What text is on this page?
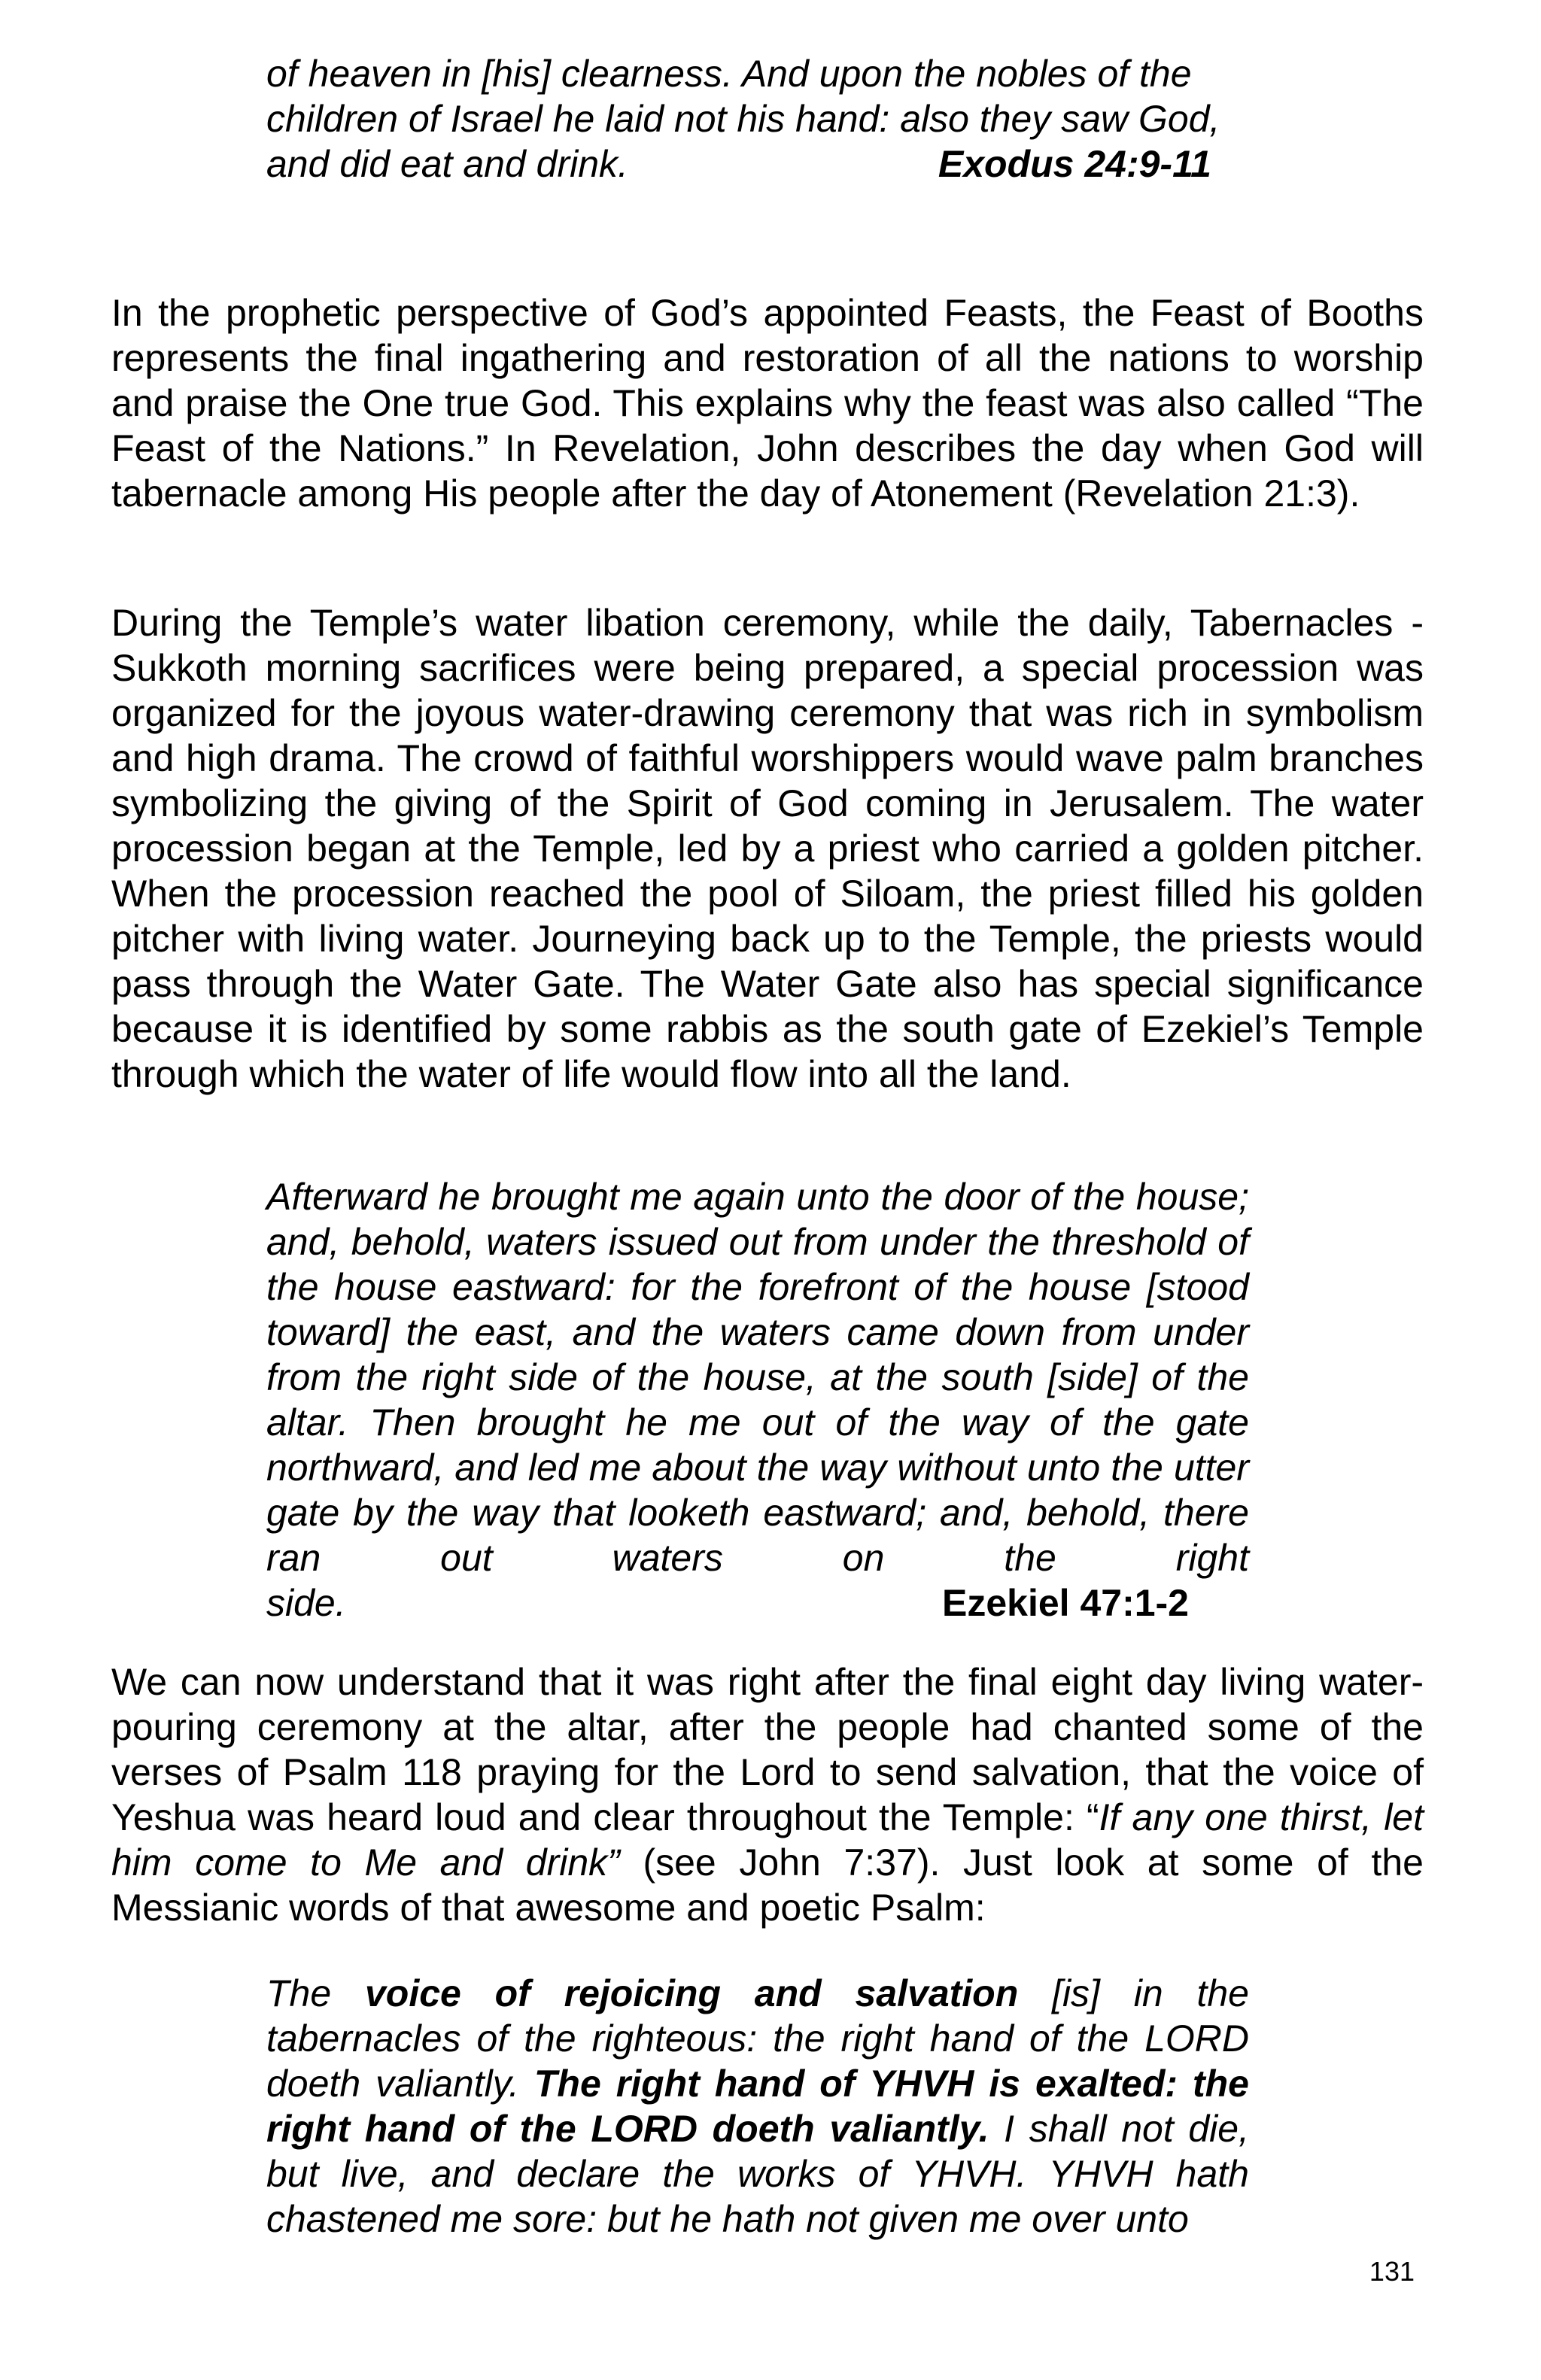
of heaven in [his] clearness. And upon the nobles of the
children of Israel he laid not his hand: also they saw God,
and did eat and drink.	Exodus 24:9-11

In the prophetic perspective of God’s appointed Feasts, the Feast of Booths represents the final ingathering and restoration of all the nations to worship and praise the One true God. This explains why the feast was also called “The Feast of the Nations.” In Revelation, John describes the day when God will tabernacle among His people after the day of Atonement (Revelation 21:3).

During the Temple’s water libation ceremony, while the daily, Tabernacles - Sukkoth morning sacrifices were being prepared, a special procession was organized for the joyous water-drawing ceremony that was rich in symbolism and high drama. The crowd of faithful worshippers would wave palm branches symbolizing the giving of the Spirit of God coming in Jerusalem. The water procession began at the Temple, led by a priest who carried a golden pitcher. When the procession reached the pool of Siloam, the priest filled his golden pitcher with living water. Journeying back up to the Temple, the priests would pass through the Water Gate. The Water Gate also has special significance because it is identified by some rabbis as the south gate of Ezekiel’s Temple through which the water of life would flow into all the land.

Afterward he brought me again unto the door of the house; and, behold, waters issued out from under the threshold of the house eastward: for the forefront of the house [stood toward] the east, and the waters came down from under from the right side of the house, at the south [side] of the altar. Then brought he me out of the way of the gate northward, and led me about the way without unto the utter gate by the way that looketh eastward; and, behold, there ran out waters on the right
side.	Ezekiel 47:1-2

We can now understand that it was right after the final eight day living water-pouring ceremony at the altar, after the people had chanted some of the verses of Psalm 118 praying for the Lord to send salvation, that the voice of Yeshua was heard loud and clear throughout the Temple: “If any one thirst, let him come to Me and drink” (see John 7:37). Just look at some of the Messianic words of that awesome and poetic Psalm:

The voice of rejoicing and salvation [is] in the tabernacles of the righteous: the right hand of the LORD doeth valiantly. The right hand of YHVH is exalted: the right hand of the LORD doeth valiantly. I shall not die, but live, and declare the works of YHVH. YHVH hath chastened me sore: but he hath not given me over unto

131
